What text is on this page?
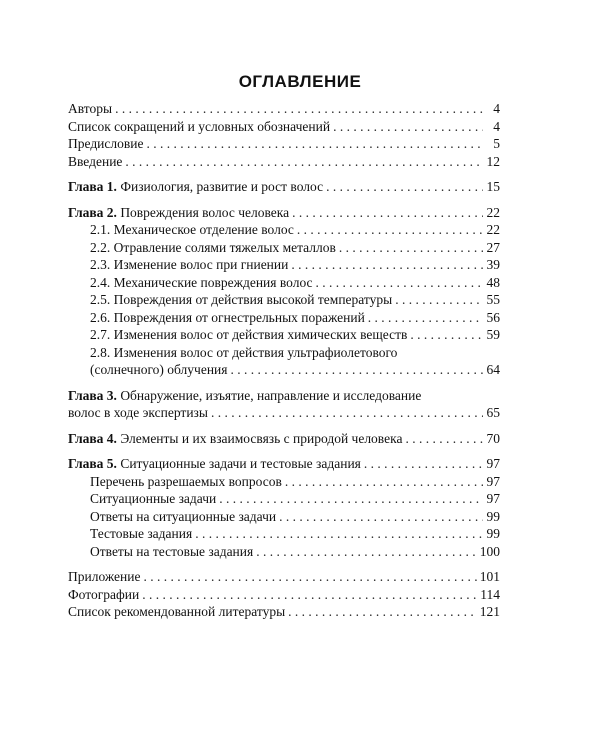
ОГЛАВЛЕНИЕ
Авторы . . .	4
Список сокращений и условных обозначений . . .	4
Предисловие . . .	5
Введение . . .	12
Глава 1. Физиология, развитие и рост волос . . .	15
Глава 2. Повреждения волос человека . . .	22
2.1. Механическое отделение волос . . .	22
2.2. Отравление солями тяжелых металлов . . .	27
2.3. Изменение волос при гниении . . .	39
2.4. Механические повреждения волос . . .	48
2.5. Повреждения от действия высокой температуры . . .	55
2.6. Повреждения от огнестрельных поражений . . .	56
2.7. Изменения волос от действия химических веществ . . .	59
2.8. Изменения волос от действия ультрафиолетового
(солнечного) облучения . . .	64
Глава 3. Обнаружение, изъятие, направление и исследование
волос в ходе экспертизы . . .	65
Глава 4. Элементы и их взаимосвязь с природой человека . . .	70
Глава 5. Ситуационные задачи и тестовые задания . . .	97
Перечень разрешаемых вопросов . . .	97
Ситуационные задачи . . .	97
Ответы на ситуационные задачи . . .	99
Тестовые задания . . .	99
Ответы на тестовые задания . . .	100
Приложение . . .	101
Фотографии . . .	114
Список рекомендованной литературы . . .	121
